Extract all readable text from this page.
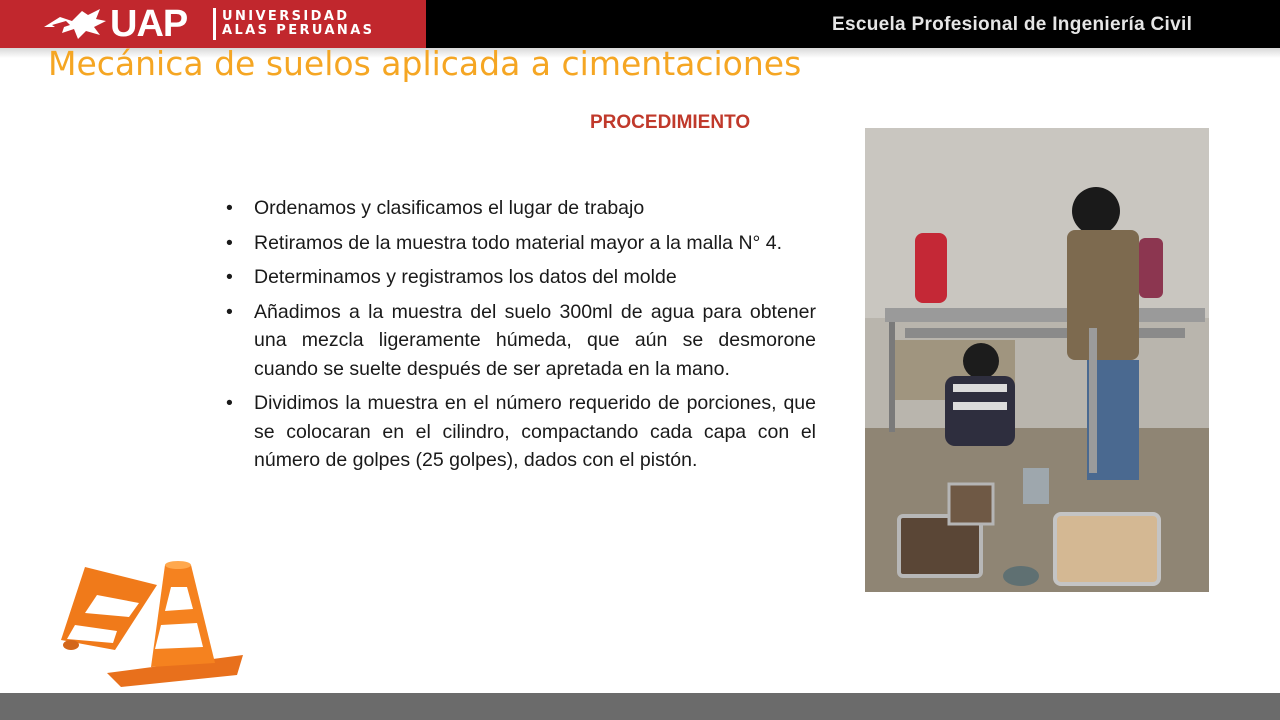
UAP	UNIVERSIDAD
ALAS PERUANAS	Escuela Profesional de Ingeniería Civil
Mecánica de suelos aplicada a cimentaciones
PROCEDIMIENTO
• Ordenamos y clasificamos el lugar de trabajo
• Retiramos de la muestra todo material mayor a la malla N° 4.
• Determinamos y registramos los datos del molde
• Añadimos a la muestra del suelo 300ml de agua para obtener una mezcla ligeramente húmeda, que aún se desmorone cuando se suelte después de ser apretada en la mano.
• Dividimos la muestra en el número requerido de porciones, que se colocaran en el cilindro, compactando cada capa con el número de golpes (25 golpes), dados con el pistón.
